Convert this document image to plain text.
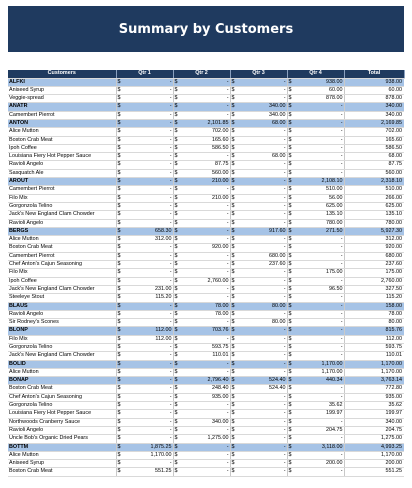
Summary by Customers
Customers	Qtr 1		Qtr 2		Qtr 3		Qtr 4		Total
ALFKI	$	-	$	-	$	-	$	938.00	938.00
Aniseed Syrup	$	-	$	-	$	-	$	60.00	60.00
Veggie-spread	$	-	$	-	$	-	$	878.00	878.00
ANATR	$	-	$	-	$	340.00	$	-	340.00
Camembert Pierrot	$	-	$	-	$	340.00	$	-	340.00
ANTON	$	-	$	2,101.85	$	68.00	$	-	2,169.85
Alice Mutton	$	-	$	702.00	$	-	$	-	702.00
Boston Crab Meat	$	-	$	165.60	$	-	$	-	165.60
Ipoh Coffee	$	-	$	586.50	$	-	$	-	586.50
Louisiana Fiery Hot Pepper Sauce	$	-	$	-	$	68.00	$	-	68.00
Ravioli Angelo	$	-	$	87.75	$	-	$	-	87.75
Sasquatch Ale	$	-	$	560.00	$	-	$	-	560.00
AROUT	$	-	$	210.00	$	-	$	2,108.10	2,318.10
Camembert Pierrot	$	-	$	-	$	-	$	510.00	510.00
Filo Mix	$	-	$	210.00	$	-	$	56.00	266.00
Gorgonzola Telino	$	-	$	-	$	-	$	625.00	625.00
Jack's New England Clam Chowder	$	-	$	-	$	-	$	135.10	135.10
Ravioli Angelo	$	-	$	-	$	-	$	780.00	780.00
BERGS	$	658.30	$	-	$	917.60	$	271.50	5,927.30
Alice Mutton	$	312.00	$	-	$	-	$	-	312.00
Boston Crab Meat	$	-	$	920.00	$	-	$	-	920.00
Camembert Pierrot	$	-	$	-	$	680.00	$	-	680.00
Chef Anton's Cajun Seasoning	$	-	$	-	$	237.60	$	-	237.60
Filo Mix	$	-	$	-	$	-	$	175.00	175.00
Ipoh Coffee	$	-	$	2,760.00	$	-	$	-	2,760.00
Jack's New England Clam Chowder	$	231.00	$	-	$	-	$	96.50	327.50
Steeleye Stout	$	115.20	$	-	$	-	$	-	115.20
BLAUS	$	-	$	78.00	$	80.00	$	-	158.00
Ravioli Angelo	$	-	$	78.00	$	-	$	-	78.00
Sir Rodney's Scones	$	-	$	-	$	80.00	$	-	80.00
BLONP	$	112.00	$	703.76	$	-	$	-	815.76
Filo Mix	$	112.00	$	-	$	-	$	-	112.00
Gorgonzola Telino	$	-	$	593.75	$	-	$	-	593.75
Jack's New England Clam Chowder	$	-	$	110.01	$	-	$	-	110.01
BOLID	$	-	$	-	$	-	$	1,170.00	1,170.00
Alice Mutton	$	-	$	-	$	-	$	1,170.00	1,170.00
BONAP	$	-	$	2,796.40	$	524.40	$	440.34	3,763.14
Boston Crab Meat	$	-	$	248.40	$	524.40	$	-	772.80
Chef Anton's Cajun Seasoning	$	-	$	935.00	$	-	$	-	935.00
Gorgonzola Telino	$	-	$	-	$	-	$	35.62	35.62
Louisiana Fiery Hot Pepper Sauce	$	-	$	-	$	-	$	199.97	199.97
Northwoods Cranberry Sauce	$	-	$	340.00	$	-	$	-	340.00
Ravioli Angelo	$	-	$	-	$	-	$	204.75	204.75
Uncle Bob's Organic Dried Pears	$	-	$	1,275.00	$	-	$	-	1,275.00
BOTTM	$	1,875.25	$	-	$	-	$	3,118.00	4,993.25
Alice Mutton	$	1,170.00	$	-	$	-	$	-	1,170.00
Aniseed Syrup	$	-	$	-	$	-	$	200.00	200.00
Boston Crab Meat	$	551.25	$	-	$	-	$	-	551.25
